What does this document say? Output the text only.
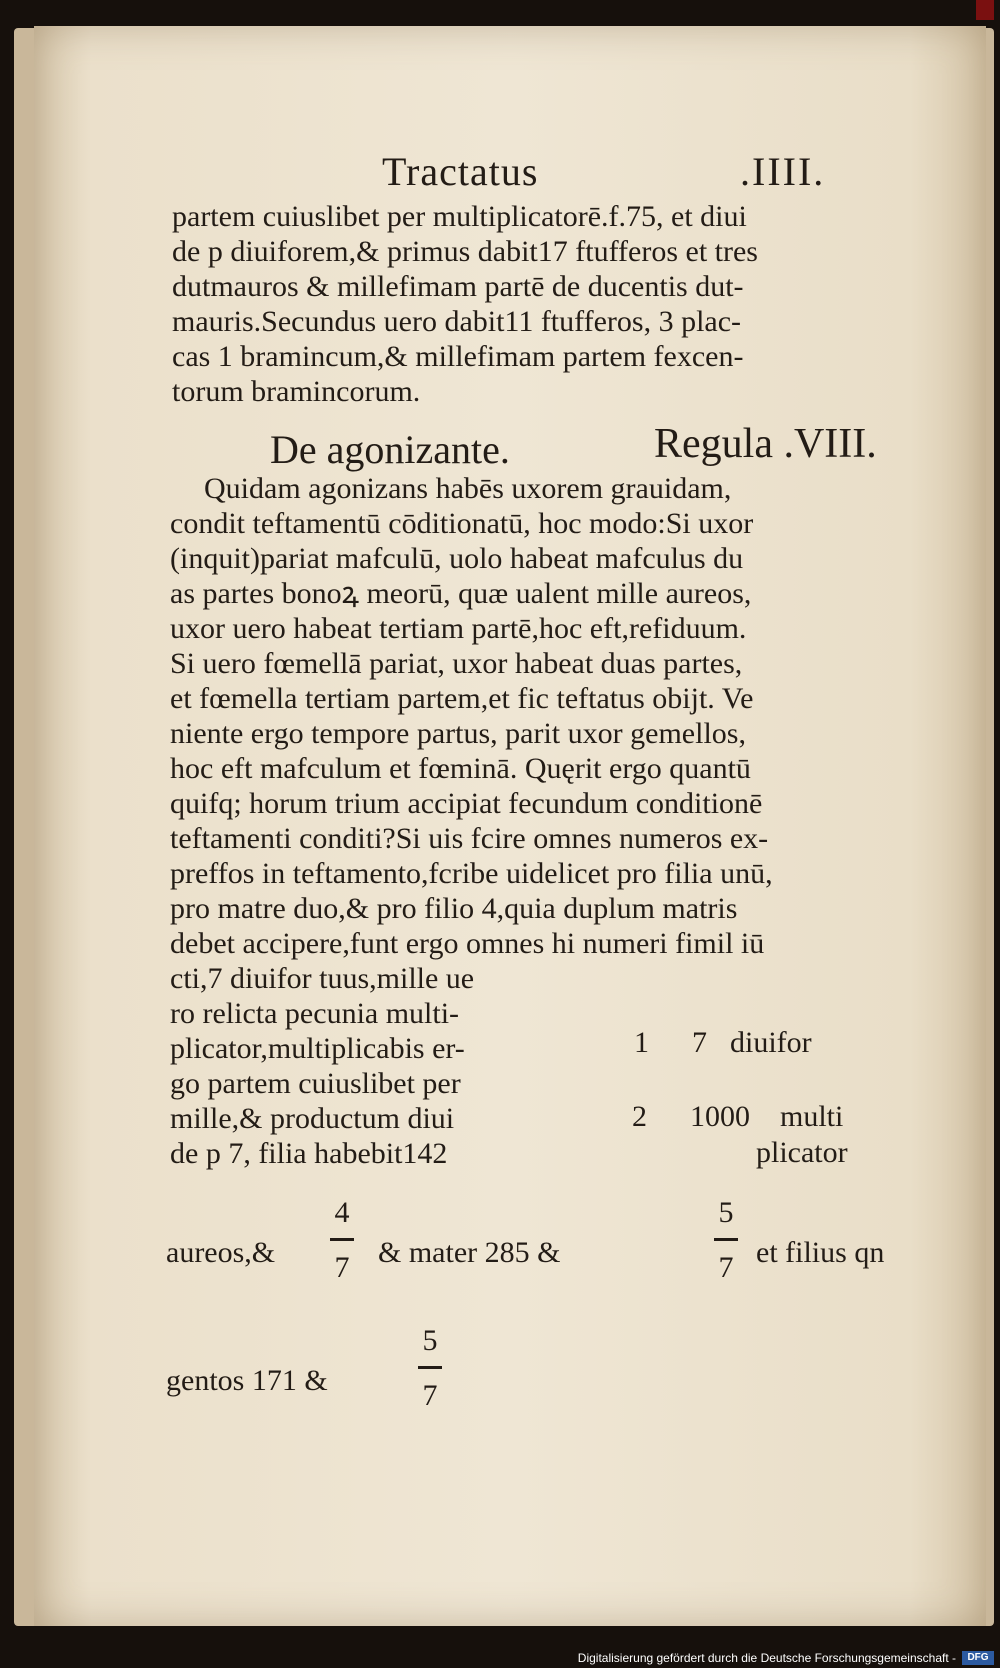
Tractatus	.IIII.
partem cuiuslibet per multiplicatorē.f.75, et diui
de p diuiforem,& primus dabit17 ftufferos et tres
dutmauros & millefimam partē de ducentis dut-
mauris.Secundus uero dabit11 ftufferos, 3 plac-
cas 1 bramincum,& millefimam partem fexcen-
torum bramincorum.
De agonizante.	Regula .VIII.
Quidam agonizans habēs uxorem grauidam,
condit teftamentū cōditionatū, hoc modo:Si uxor
(inquit)pariat mafculū, uolo habeat mafculus du
as partes bonoꝝ meorū, quæ ualent mille aureos,
uxor uero habeat tertiam partē,hoc eft,refiduum.
Si uero fœmellā pariat, uxor habeat duas partes,
et fœmella tertiam partem,et fic teftatus obijt. Ve
niente ergo tempore partus, parit uxor gemellos,
hoc eft mafculum et fœminā. Quęrit ergo quantū
quifq; horum trium accipiat fecundum conditionē
teftamenti conditi?Si uis fcire omnes numeros ex-
preffos in teftamento,fcribe uidelicet pro filia unū,
pro matre duo,& pro filio 4,quia duplum matris
debet accipere,funt ergo omnes hi numeri fimil iū
cti,7 diuifor tuus,mille ue
ro relicta pecunia multi-
plicator,multiplicabis er-
go partem cuiuslibet per
mille,& productum diui
de p 7, filia habebit142
1 7 diuifor
2 1000 multi
plicator
aureos,&
4
7 & mater 285 &
5
7 et filius qn
gentos 171 &
5
7
Digitalisierung gefördert durch die Deutsche Forschungsgemeinschaft -	DFG
